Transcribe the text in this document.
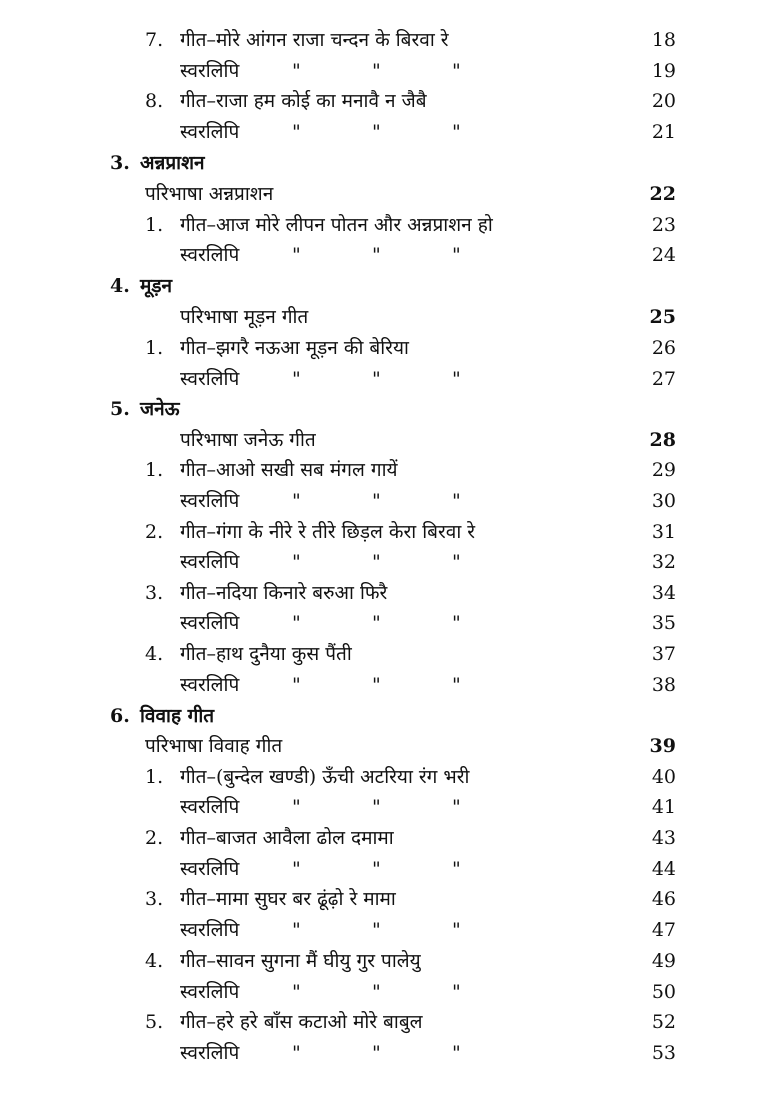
7. गीत–मोरे आंगन राजा चन्दन के बिरवा रे	18
स्वरलिपि	"	"	"	19
8. गीत–राजा हम कोई का मनावै न जैबै	20
स्वरलिपि	"	"	"	21
3. अन्नप्राशन
परिभाषा अन्नप्राशन	22
1. गीत–आज मोरे लीपन पोतन और अन्नप्राशन हो	23
स्वरलिपि	"	"	"	24
4. मूड़न
परिभाषा मूड़न गीत	25
1. गीत–झगरै नऊआ मूड़न की बेरिया	26
स्वरलिपि	"	"	"	27
5. जनेऊ
परिभाषा जनेऊ गीत	28
1. गीत–आओ सखी सब मंगल गायें	29
स्वरलिपि	"	"	"	30
2. गीत–गंगा के नीरे रे तीरे छिड़ल केरा बिरवा रे	31
स्वरलिपि	"	"	"	32
3. गीत–नदिया किनारे बरुआ फिरै	34
स्वरलिपि	"	"	"	35
4. गीत–हाथ दुनैया कुस पैंती	37
स्वरलिपि	"	"	"	38
6. विवाह गीत
परिभाषा विवाह गीत	39
1. गीत–(बुन्देल खण्डी) ऊँची अटरिया रंग भरी	40
स्वरलिपि	"	"	"	41
2. गीत–बाजत आवैला ढोल दमामा	43
स्वरलिपि	"	"	"	44
3. गीत–मामा सुघर बर ढूंढ़ो रे मामा	46
स्वरलिपि	"	"	"	47
4. गीत–सावन सुगना मैं घीयु गुर पालेयु	49
स्वरलिपि	"	"	"	50
5. गीत–हरे हरे बाँस कटाओ मोरे बाबुल	52
स्वरलिपि	"	"	"	53
